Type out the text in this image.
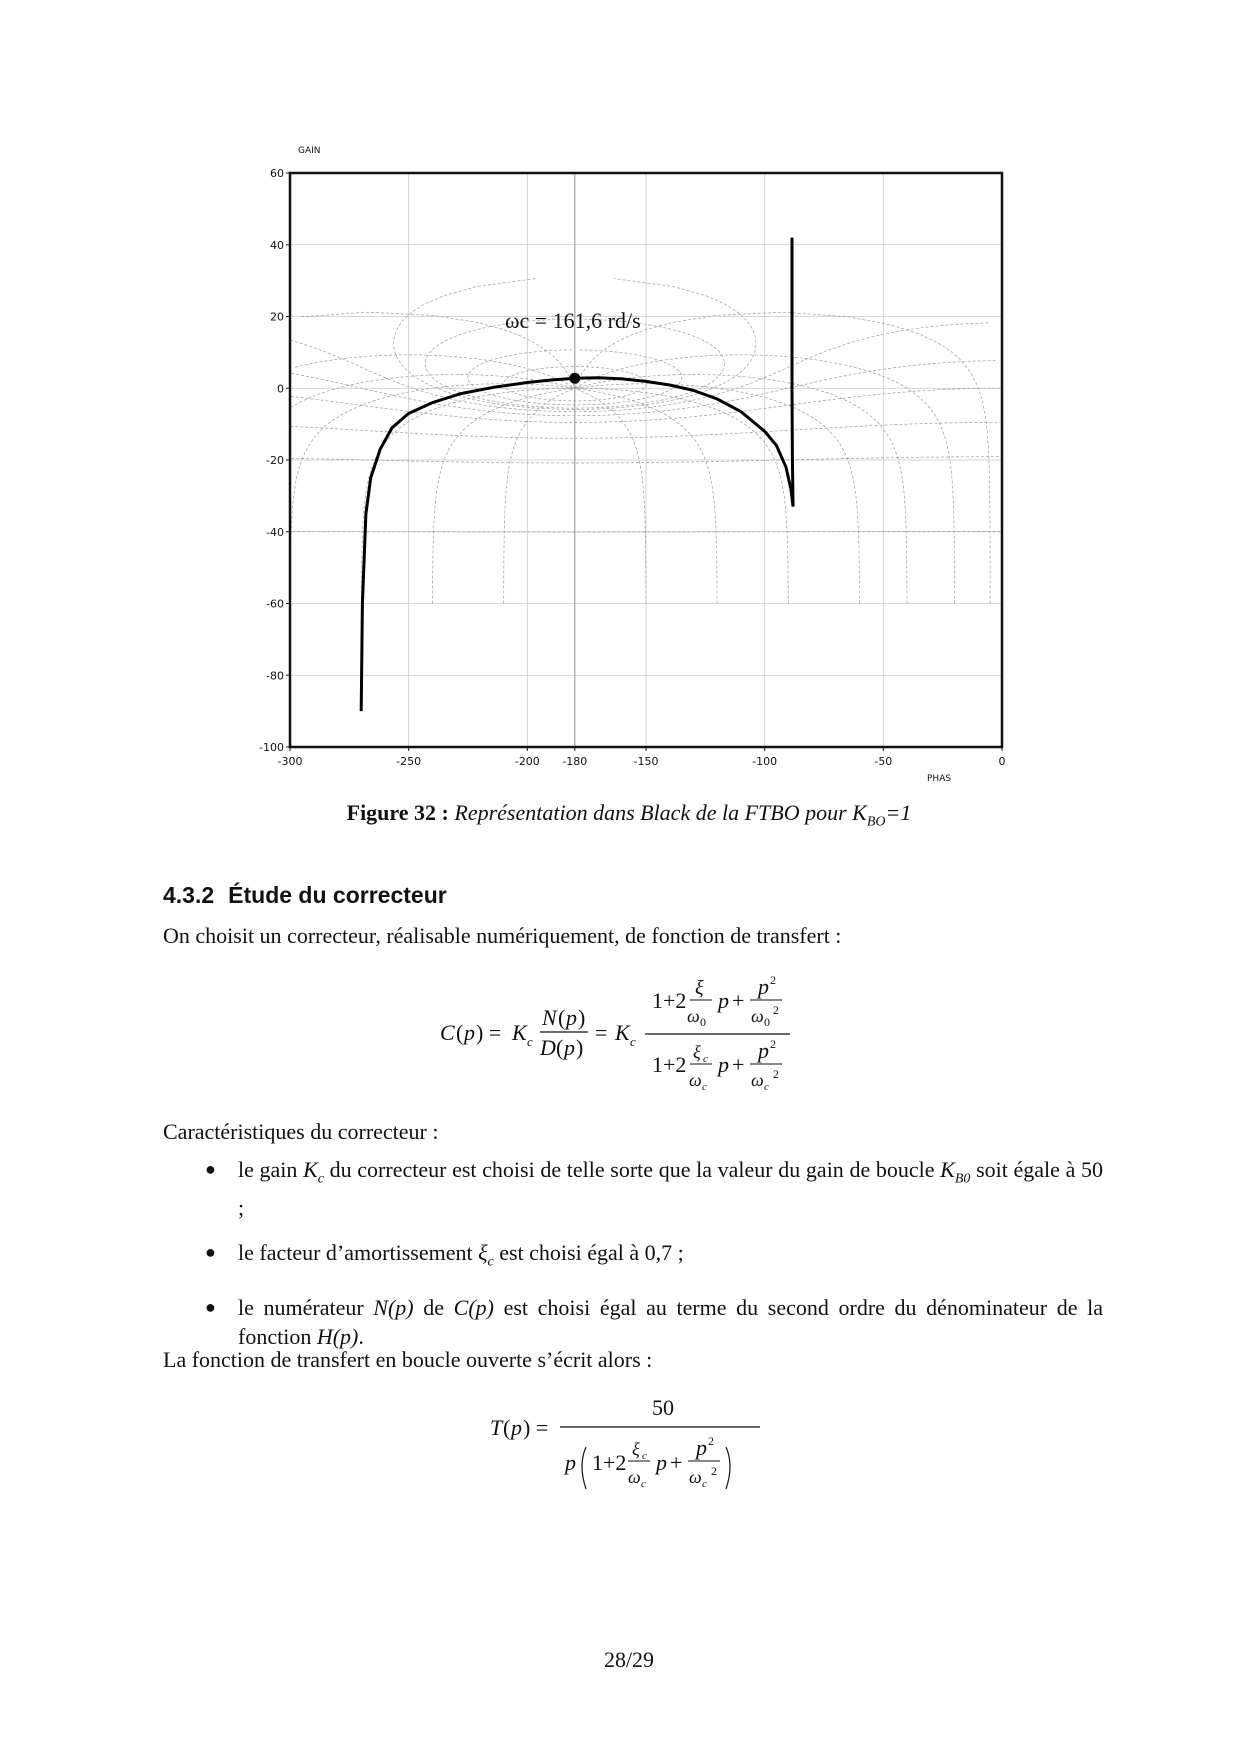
-300	-250	-200 -180	-150	-100	-50	0
60
40
20
0
-20
-40
-60
-80
-100
GAIN
PHAS
ωc = 161,6 rd/s
Figure 32 : Représentation dans Black de la FTBO pour $K_{BO}=1$
4.3.2 Étude du correcteur

On choisit un correcteur, réalisable numériquement, de fonction de transfert :

C ( p ) = K c
N ( p )
D ( p )
= K c
1+2 ξ
ω 0
p +
p 2
ω 0
2
1+2 ξ c
ω c
p +
p 2
ω c
2

Caractéristiques du correcteur :

● le gain $K_c$ du correcteur est choisi de telle sorte que la valeur du gain de boucle $K_{B0}$ soit égale à 50 ;
● le facteur d’amortissement $\xi_c$ est choisi égal à 0,7 ;
● le numérateur N(p) de C(p) est choisi égal au terme du second ordre du dénominateur de la fonction H(p).

La fonction de transfert en boucle ouverte s’écrit alors :

T ( p ) =
50
p 1+2
ξ c
ω c
p +
p 2
ω c
2
28/29
